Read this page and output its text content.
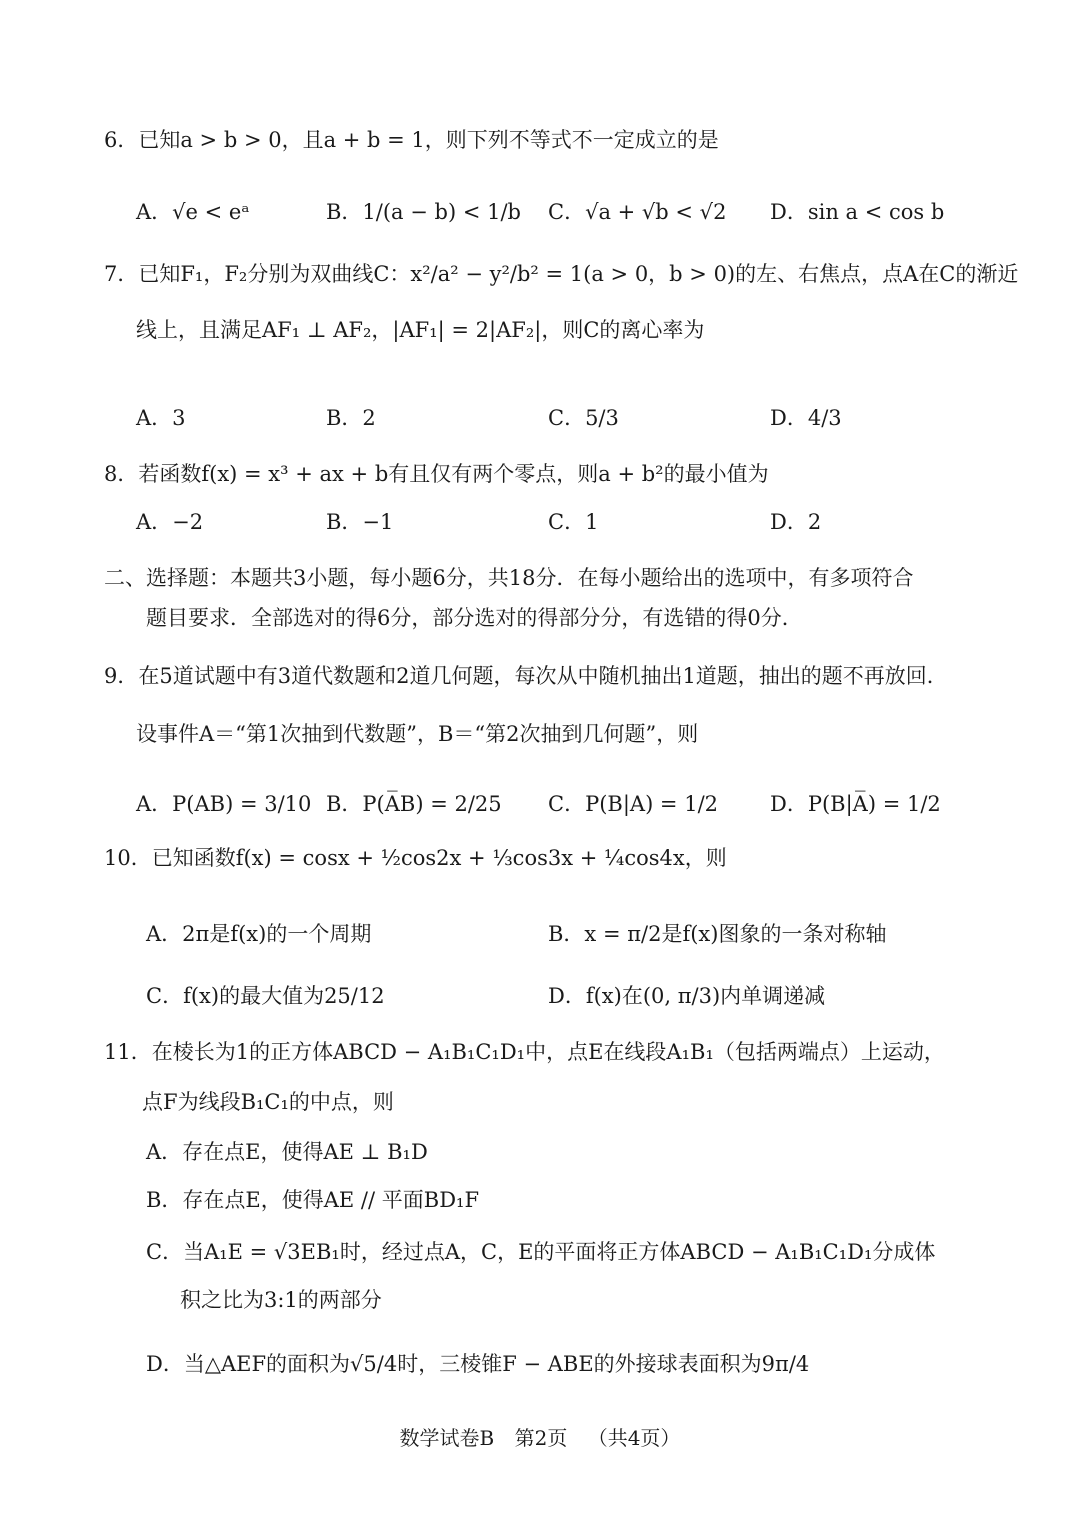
6．已知a > b > 0，且a + b = 1，则下列不等式不一定成立的是
A．√e < eᵃ	B．1/(a − b) < 1/b C．√a + √b < √2 D．sin a < cos b
7．已知F₁，F₂分别为双曲线C：x²/a² − y²/b² = 1(a > 0，b > 0)的左、右焦点，点A在C的渐近
线上，且满足AF₁ ⊥ AF₂，|AF₁| = 2|AF₂|，则C的离心率为
A．3	B．2	C．5/3	D．4/3
8．若函数f(x) = x³ + ax + b有且仅有两个零点，则a + b²的最小值为
A．−2	B．−1	C．1	D．2
二、选择题：本题共3小题，每小题6分，共18分．在每小题给出的选项中，有多项符合
题目要求．全部选对的得6分，部分选对的得部分分，有选错的得0分．
9．在5道试题中有3道代数题和2道几何题，每次从中随机抽出1道题，抽出的题不再放回．
设事件A＝“第1次抽到代数题”，B＝“第2次抽到几何题”，则
A．P(AB) = 3/10 B．P(A̅B) = 2/25 C．P(B|A) = 1/2 D．P(B|A̅) = 1/2
10．已知函数f(x) = cosx + ½cos2x + ⅓cos3x + ¼cos4x，则
A．2π是f(x)的一个周期	B．x = π/2是f(x)图象的一条对称轴
C．f(x)的最大值为25/12	D．f(x)在(0, π/3)内单调递减
11．在棱长为1的正方体ABCD − A₁B₁C₁D₁中，点E在线段A₁B₁（包括两端点）上运动，
点F为线段B₁C₁的中点，则
A．存在点E，使得AE ⊥ B₁D
B．存在点E，使得AE // 平面BD₁F
C．当A₁E = √3EB₁时，经过点A，C，E的平面将正方体ABCD − A₁B₁C₁D₁分成体
积之比为3:1的两部分
D．当△AEF的面积为√5/4时，三棱锥F − ABE的外接球表面积为9π/4
数学试卷B 第2页 （共4页）
